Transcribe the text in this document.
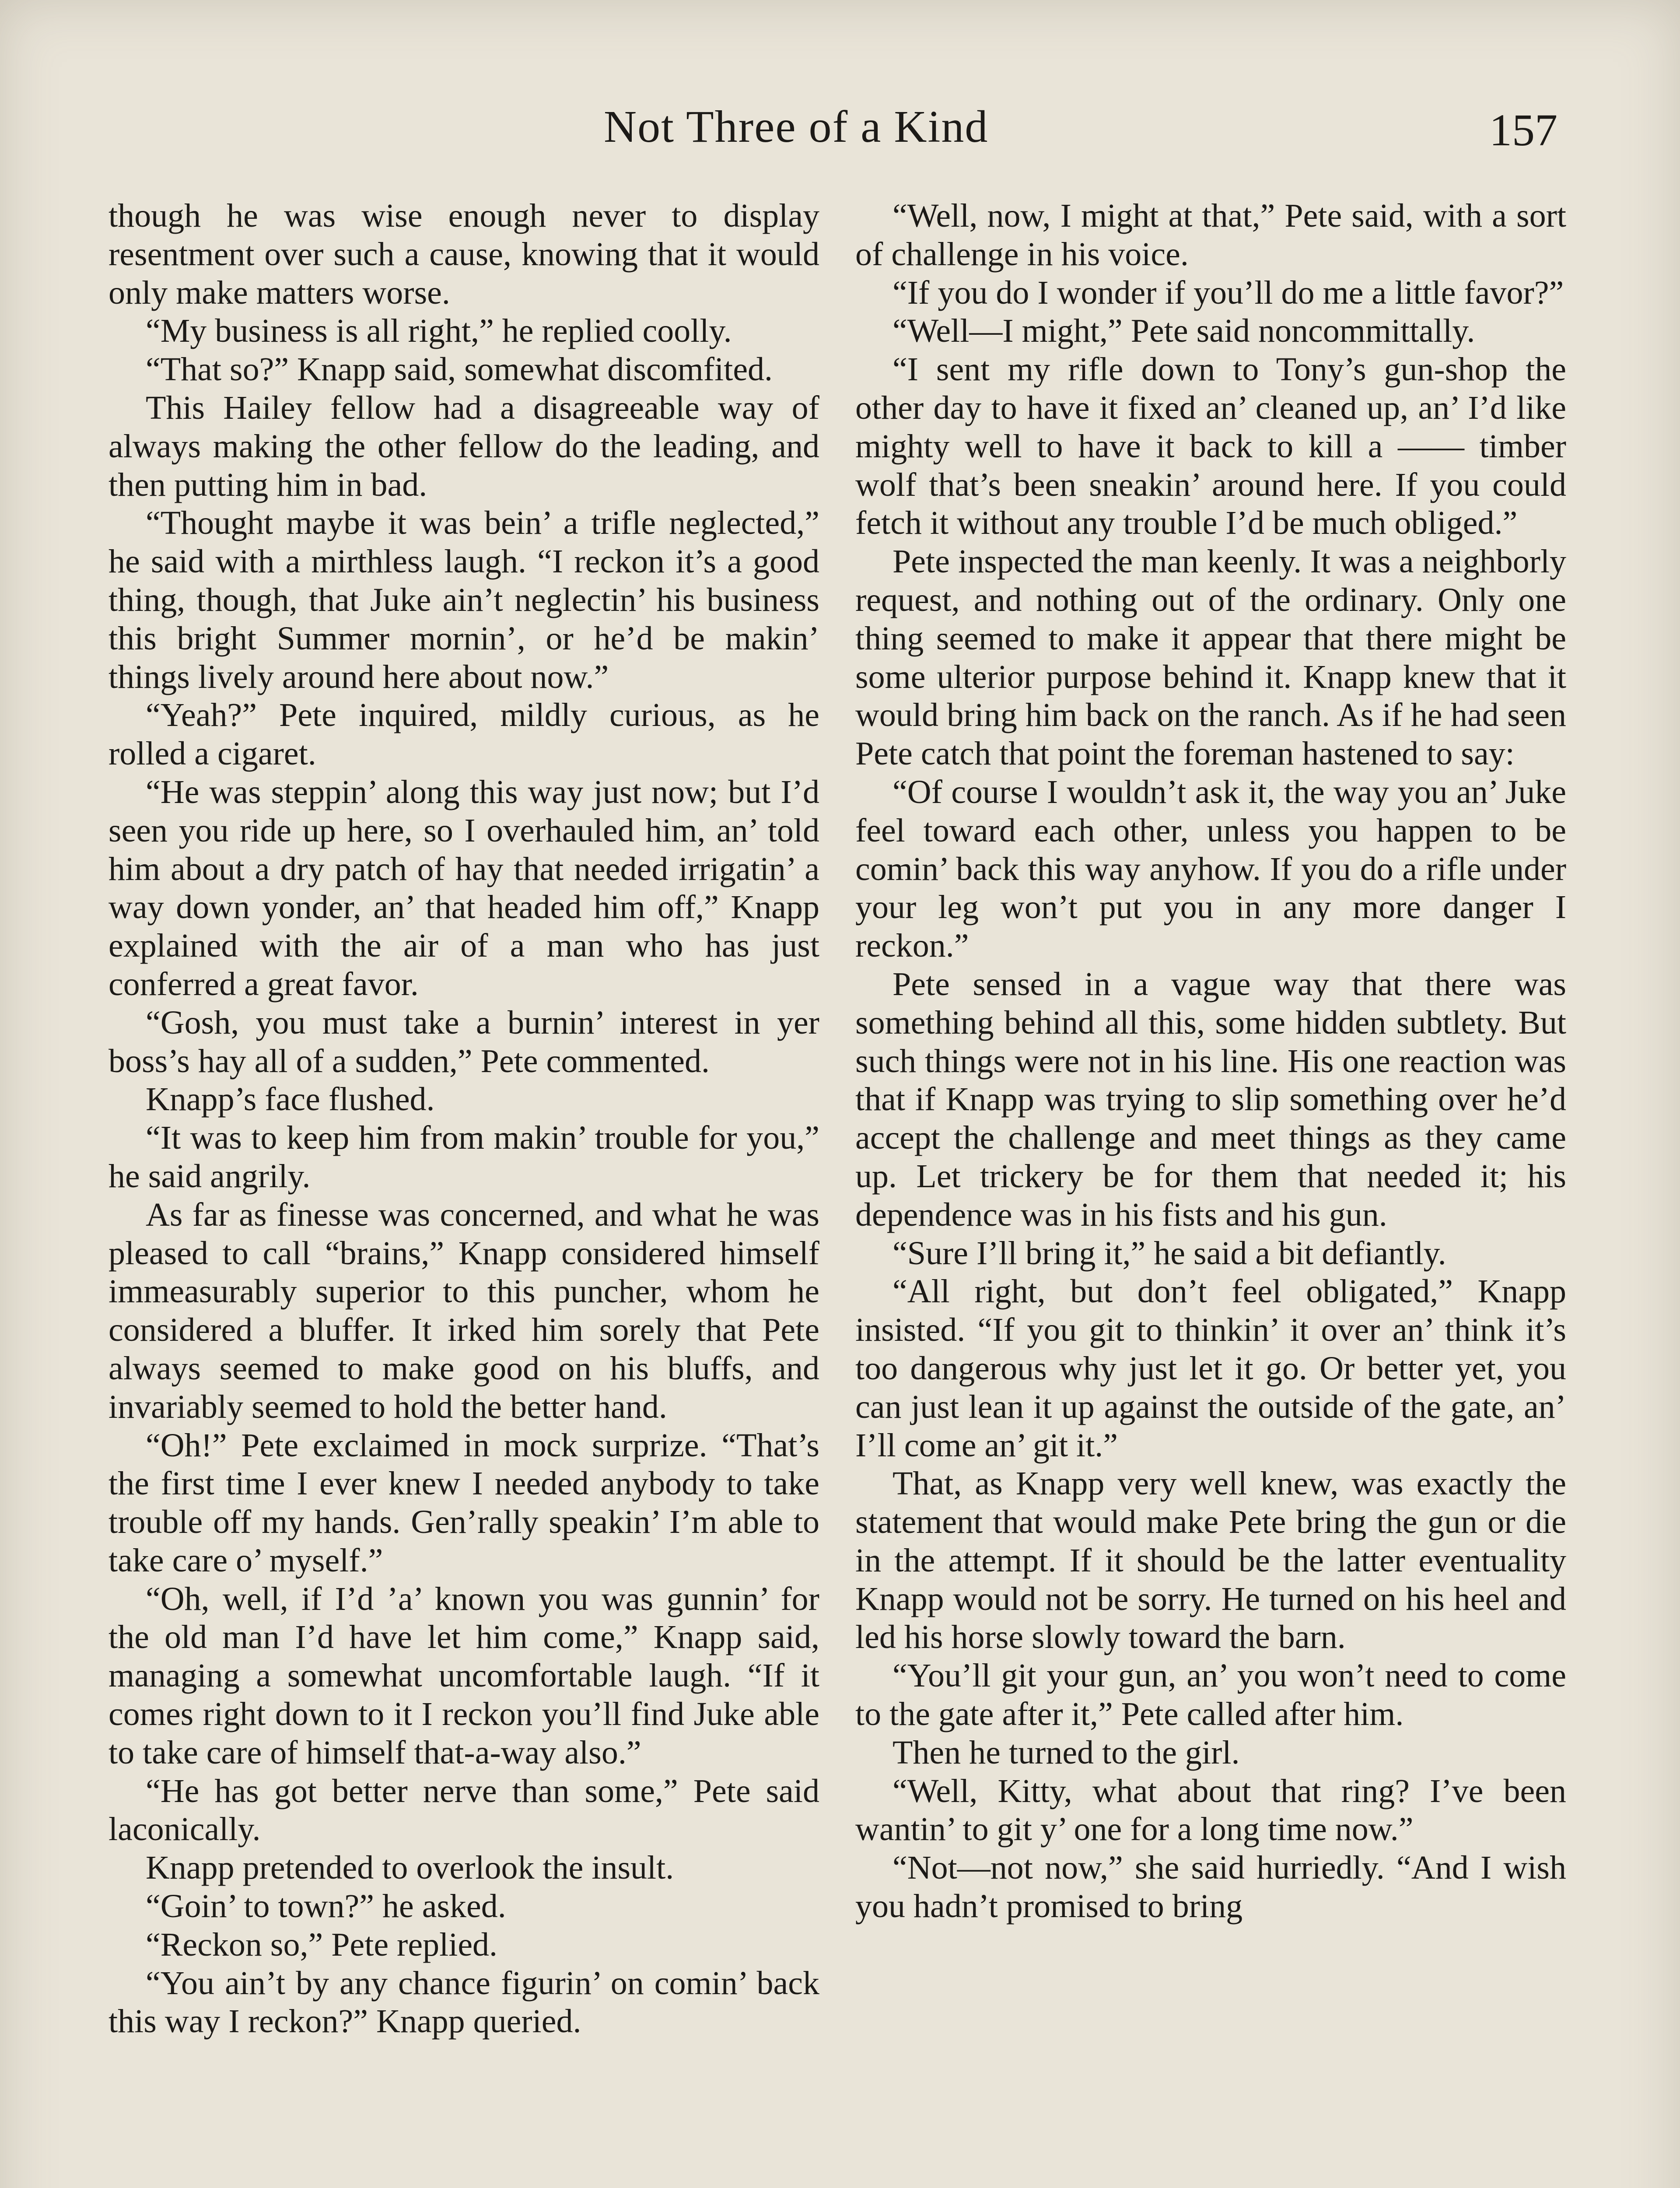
Not Three of a Kind	157

though he was wise enough never to display resentment over such a cause, knowing that it would only make matters worse.

“My business is all right,” he replied coolly.

“That so?” Knapp said, somewhat discomfited.

This Hailey fellow had a disagreeable way of always making the other fellow do the leading, and then putting him in bad.

“Thought maybe it was bein’ a trifle neglected,” he said with a mirthless laugh. “I reckon it’s a good thing, though, that Juke ain’t neglectin’ his business this bright Summer mornin’, or he’d be makin’ things lively around here about now.”

“Yeah?” Pete inquired, mildly curious, as he rolled a cigaret.

“He was steppin’ along this way just now; but I’d seen you ride up here, so I overhauled him, an’ told him about a dry patch of hay that needed irrigatin’ a way down yonder, an’ that headed him off,” Knapp explained with the air of a man who has just conferred a great favor.

“Gosh, you must take a burnin’ interest in yer boss’s hay all of a sudden,” Pete commented.

Knapp’s face flushed.

“It was to keep him from makin’ trouble for you,” he said angrily.

As far as finesse was concerned, and what he was pleased to call “brains,” Knapp considered himself immeasurably superior to this puncher, whom he considered a bluffer. It irked him sorely that Pete always seemed to make good on his bluffs, and invariably seemed to hold the better hand.

“Oh!” Pete exclaimed in mock surprize. “That’s the first time I ever knew I needed anybody to take trouble off my hands. Gen’rally speakin’ I’m able to take care o’ myself.”

“Oh, well, if I’d ’a’ known you was gunnin’ for the old man I’d have let him come,” Knapp said, managing a somewhat uncomfortable laugh. “If it comes right down to it I reckon you’ll find Juke able to take care of himself that-a-way also.”

“He has got better nerve than some,” Pete said laconically.

Knapp pretended to overlook the insult.

“Goin’ to town?” he asked.

“Reckon so,” Pete replied.

“You ain’t by any chance figurin’ on comin’ back this way I reckon?” Knapp queried.

“Well, now, I might at that,” Pete said, with a sort of challenge in his voice.

“If you do I wonder if you’ll do me a little favor?”

“Well—I might,” Pete said noncommittally.

“I sent my rifle down to Tony’s gun-shop the other day to have it fixed an’ cleaned up, an’ I’d like mighty well to have it back to kill a —— timber wolf that’s been sneakin’ around here. If you could fetch it without any trouble I’d be much obliged.”

Pete inspected the man keenly. It was a neighborly request, and nothing out of the ordinary. Only one thing seemed to make it appear that there might be some ulterior purpose behind it. Knapp knew that it would bring him back on the ranch. As if he had seen Pete catch that point the foreman hastened to say:

“Of course I wouldn’t ask it, the way you an’ Juke feel toward each other, unless you happen to be comin’ back this way anyhow. If you do a rifle under your leg won’t put you in any more danger I reckon.”

Pete sensed in a vague way that there was something behind all this, some hidden subtlety. But such things were not in his line. His one reaction was that if Knapp was trying to slip something over he’d accept the challenge and meet things as they came up. Let trickery be for them that needed it; his dependence was in his fists and his gun.

“Sure I’ll bring it,” he said a bit defiantly.

“All right, but don’t feel obligated,” Knapp insisted. “If you git to thinkin’ it over an’ think it’s too dangerous why just let it go. Or better yet, you can just lean it up against the outside of the gate, an’ I’ll come an’ git it.”

That, as Knapp very well knew, was exactly the statement that would make Pete bring the gun or die in the attempt. If it should be the latter eventuality Knapp would not be sorry. He turned on his heel and led his horse slowly toward the barn.

“You’ll git your gun, an’ you won’t need to come to the gate after it,” Pete called after him.

Then he turned to the girl.

“Well, Kitty, what about that ring? I’ve been wantin’ to git y’ one for a long time now.”

“Not—not now,” she said hurriedly. “And I wish you hadn’t promised to bring
